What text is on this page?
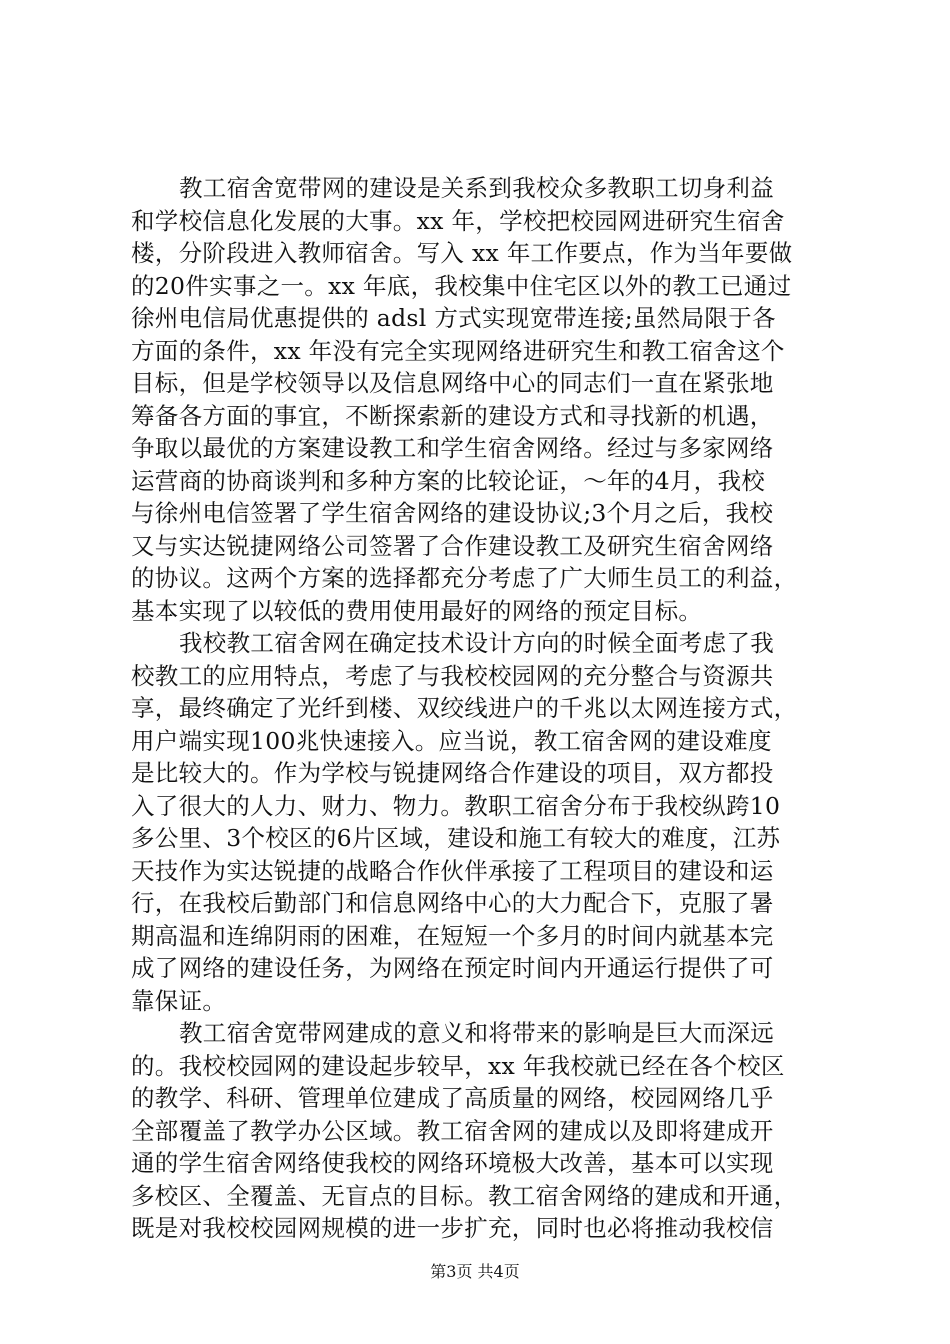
教工宿舍宽带网的建设是关系到我校众多教职工切身利益
和学校信息化发展的大事。xx 年，学校把校园网进研究生宿舍
楼，分阶段进入教师宿舍。写入 xx 年工作要点，作为当年要做
的20件实事之一。xx 年底，我校集中住宅区以外的教工已通过
徐州电信局优惠提供的 adsl 方式实现宽带连接;虽然局限于各
方面的条件，xx 年没有完全实现网络进研究生和教工宿舍这个
目标，但是学校领导以及信息网络中心的同志们一直在紧张地
筹备各方面的事宜，不断探索新的建设方式和寻找新的机遇，
争取以最优的方案建设教工和学生宿舍网络。经过与多家网络
运营商的协商谈判和多种方案的比较论证，～年的4月，我校
与徐州电信签署了学生宿舍网络的建设协议;3个月之后，我校
又与实达锐捷网络公司签署了合作建设教工及研究生宿舍网络
的协议。这两个方案的选择都充分考虑了广大师生员工的利益，
基本实现了以较低的费用使用最好的网络的预定目标。
我校教工宿舍网在确定技术设计方向的时候全面考虑了我
校教工的应用特点，考虑了与我校校园网的充分整合与资源共
享，最终确定了光纤到楼、双绞线进户的千兆以太网连接方式，
用户端实现100兆快速接入。应当说，教工宿舍网的建设难度
是比较大的。作为学校与锐捷网络合作建设的项目，双方都投
入了很大的人力、财力、物力。教职工宿舍分布于我校纵跨10
多公里、3个校区的6片区域，建设和施工有较大的难度，江苏
天技作为实达锐捷的战略合作伙伴承接了工程项目的建设和运
行，在我校后勤部门和信息网络中心的大力配合下，克服了暑
期高温和连绵阴雨的困难，在短短一个多月的时间内就基本完
成了网络的建设任务，为网络在预定时间内开通运行提供了可
靠保证。
教工宿舍宽带网建成的意义和将带来的影响是巨大而深远
的。我校校园网的建设起步较早，xx 年我校就已经在各个校区
的教学、科研、管理单位建成了高质量的网络，校园网络几乎
全部覆盖了教学办公区域。教工宿舍网的建成以及即将建成开
通的学生宿舍网络使我校的网络环境极大改善，基本可以实现
多校区、全覆盖、无盲点的目标。教工宿舍网络的建成和开通，
既是对我校校园网规模的进一步扩充，同时也必将推动我校信
第3页 共4页
